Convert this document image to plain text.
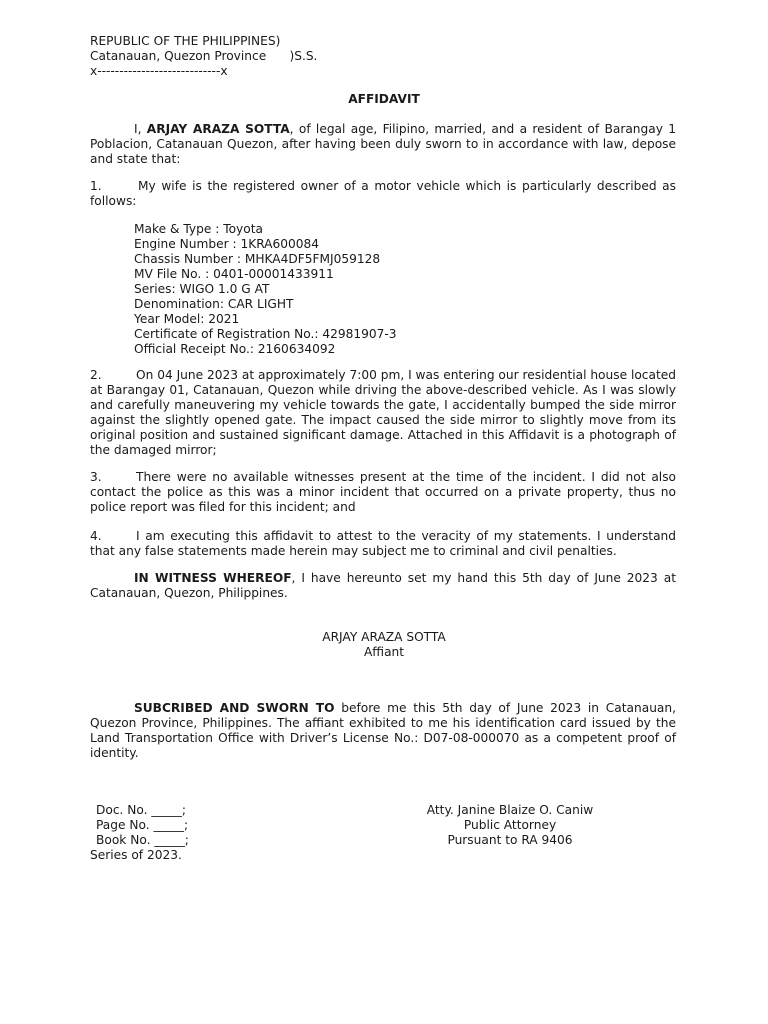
REPUBLIC OF THE PHILIPPINES)
Catanauan, Quezon Province      )S.S.
x----------------------------x
AFFIDAVIT
I, ARJAY ARAZA SOTTA, of legal age, Filipino, married, and a resident of Barangay 1 Poblacion, Catanauan Quezon, after having been duly sworn to in accordance with law, depose and state that:
1.	My wife is the registered owner of a motor vehicle which is particularly described as follows:
Make & Type : Toyota
Engine Number : 1KRA600084
Chassis Number : MHKA4DF5FMJ059128
MV File No. : 0401-00001433911
Series: WIGO 1.0 G AT
Denomination: CAR LIGHT
Year Model: 2021
Certificate of Registration No.: 42981907-3
Official Receipt No.: 2160634092
2.	On 04 June 2023 at approximately 7:00 pm, I was entering our residential house located at Barangay 01, Catanauan, Quezon while driving the above-described vehicle. As I was slowly and carefully maneuvering my vehicle towards the gate, I accidentally bumped the side mirror against the slightly opened gate. The impact caused the side mirror to slightly move from its original position and sustained significant damage. Attached in this Affidavit is a photograph of the damaged mirror;
3.	There were no available witnesses present at the time of the incident. I did not also contact the police as this was a minor incident that occurred on a private property, thus no police report was filed for this incident; and
4.	I am executing this affidavit to attest to the veracity of my statements. I understand that any false statements made herein may subject me to criminal and civil penalties.
IN WITNESS WHEREOF, I have hereunto set my hand this 5th day of June 2023 at Catanauan, Quezon, Philippines.
ARJAY ARAZA SOTTA
Affiant
SUBCRIBED AND SWORN TO before me this 5th day of June 2023 in Catanauan, Quezon Province, Philippines. The affiant exhibited to me his identification card issued by the Land Transportation Office with Driver’s License No.: D07-08-000070 as a competent proof of identity.
Doc. No. _____;
Page No. _____;
Book No. _____;
Series of 2023.
Atty. Janine Blaize O. Caniw
Public Attorney
Pursuant to RA 9406
